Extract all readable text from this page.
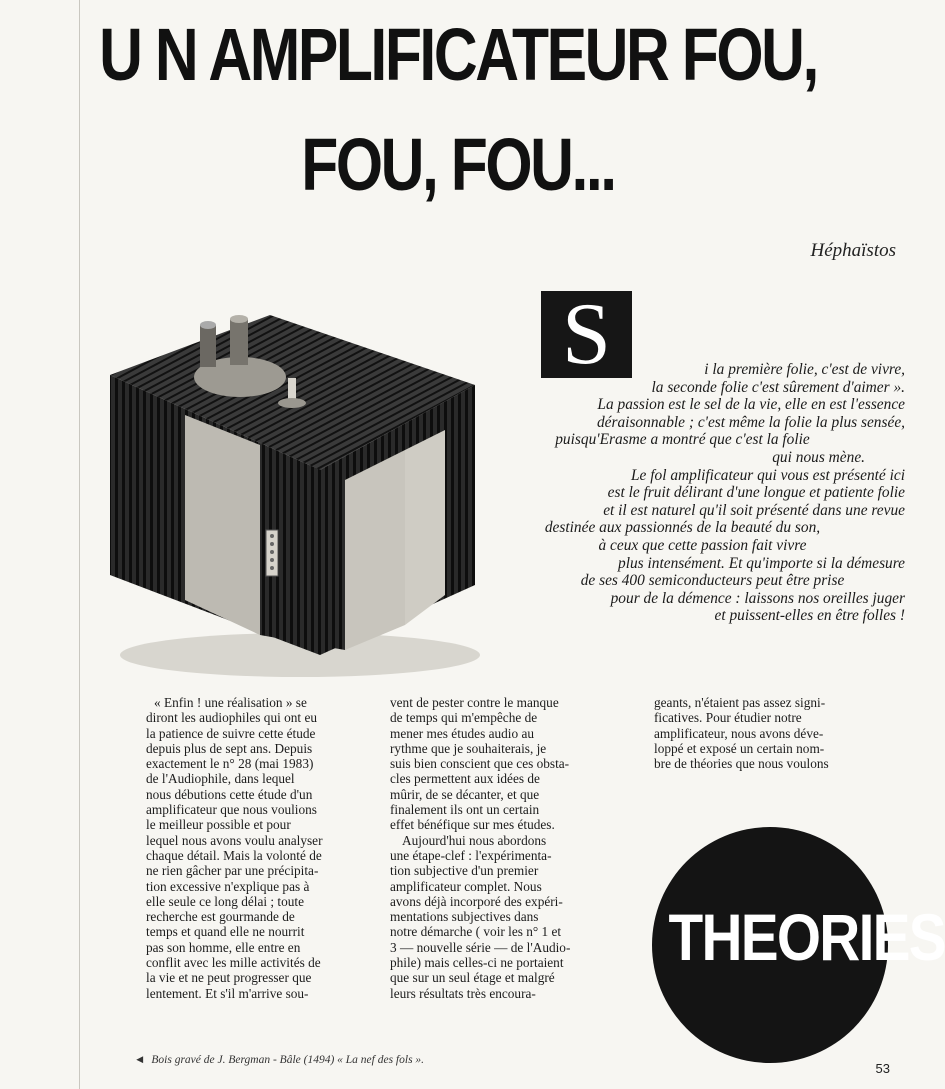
U N AMPLIFICATEUR FOU,
FOU, FOU...
Héphaïstos
S	i la première folie, c'est de vivre,

la seconde folie c'est sûrement d'aimer ».

La passion est le sel de la vie, elle en est l'essence

déraisonnable ; c'est même la folie la plus sensée,

puisqu'Erasme a montré que c'est la folie

qui nous mène.

Le fol amplificateur qui vous est présenté ici

est le fruit délirant d'une longue et patiente folie

et il est naturel qu'il soit présenté dans une revue

destinée aux passionnés de la beauté du son,

à ceux que cette passion fait vivre

plus intensément. Et qu'importe si la démesure

de ses 400 semiconducteurs peut être prise

pour de la démence : laissons nos oreilles juger

et puissent-elles en être folles !

« Enfin ! une réalisation » se

diront les audiophiles qui ont eu

la patience de suivre cette étude

depuis plus de sept ans. Depuis

exactement le n° 28 (mai 1983)

de l'Audiophile, dans lequel

nous débutions cette étude d'un

amplificateur que nous voulions

le meilleur possible et pour

lequel nous avons voulu analyser

chaque détail. Mais la volonté de

ne rien gâcher par une précipita-

tion excessive n'explique pas à

elle seule ce long délai ; toute

recherche est gourmande de

temps et quand elle ne nourrit

pas son homme, elle entre en

conflit avec les mille activités de

la vie et ne peut progresser que

lentement. Et s'il m'arrive sou-

vent de pester contre le manque

de temps qui m'empêche de

mener mes études audio au

rythme que je souhaiterais, je

suis bien conscient que ces obsta-

cles permettent aux idées de

mûrir, de se décanter, et que

finalement ils ont un certain

effet bénéfique sur mes études.

Aujourd'hui nous abordons

une étape-clef : l'expérimenta-

tion subjective d'un premier

amplificateur complet. Nous

avons déjà incorporé des expéri-

mentations subjectives dans

notre démarche ( voir les n° 1 et

3 — nouvelle série — de l'Audio-

phile) mais celles-ci ne portaient

que sur un seul étage et malgré

leurs résultats très encoura-

geants, n'étaient pas assez signi-

ficatives. Pour étudier notre

amplificateur, nous avons déve-

loppé et exposé un certain nom-

bre de théories que nous voulons

THEORIES
◄ Bois gravé de J. Bergman - Bâle (1494) « La nef des fols ».
53
